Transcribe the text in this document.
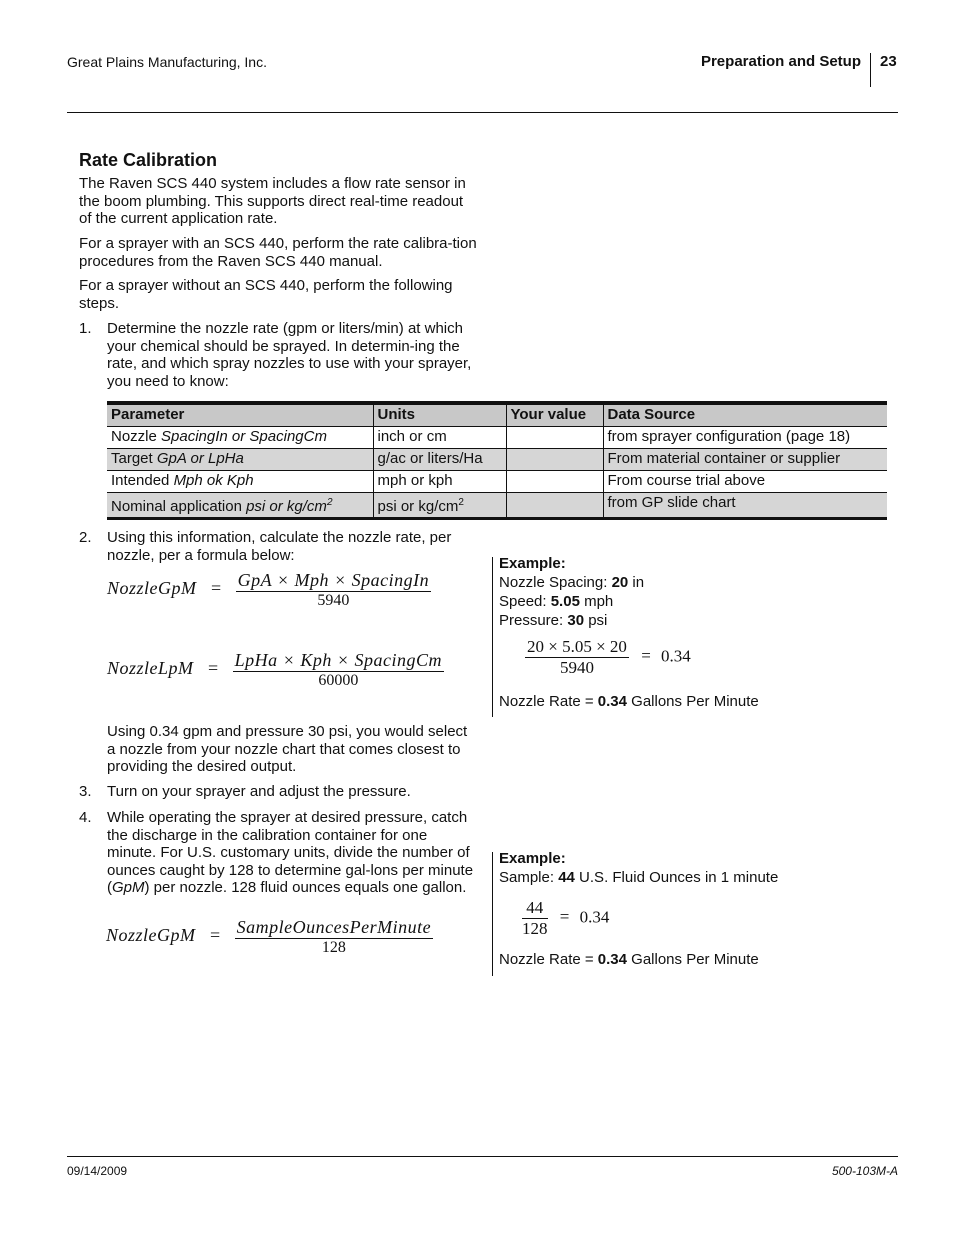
Great Plains Manufacturing, Inc.	Preparation and Setup 23
Rate Calibration
The Raven SCS 440 system includes a flow rate sensor in the boom plumbing. This supports direct real-time readout of the current application rate.
For a sprayer with an SCS 440, perform the rate calibra-tion procedures from the Raven SCS 440 manual.
For a sprayer without an SCS 440, perform the following steps.
1. Determine the nozzle rate (gpm or liters/min) at which your chemical should be sprayed. In determin-ing the rate, and which spray nozzles to use with your sprayer, you need to know:
Parameter	Units	Your value	Data Source
Nozzle SpacingIn or SpacingCm	inch or cm		from sprayer configuration (page 18)
Target GpA or LpHa	g/ac or liters/Ha		From material container or supplier
Intended Mph ok Kph	mph or kph		From course trial above
Nominal application psi or $kg/cm^2$	psi or $kg/cm^2$		from GP slide chart
2. Using this information, calculate the nozzle rate, per nozzle, per a formula below:
NozzleGpM = $\frac{\text{GpA × Mph × SpacingIn}}{5940}$
NozzleLpM = $\frac{\text{LpHa × Kph × SpacingCm}}{60000}$
Using 0.34 gpm and pressure 30 psi, you would select a nozzle from your nozzle chart that comes closest to providing the desired output.
3. Turn on your sprayer and adjust the pressure.
4. While operating the sprayer at desired pressure, catch the discharge in the calibration container for one minute. For U.S. customary units, divide the number of ounces caught by 128 to determine gal-lons per minute (GpM) per nozzle. 128 fluid ounces equals one gallon.
NozzleGpM = $\frac{\text{SampleOuncesPerMinute}}{128}$
Example:
Nozzle Spacing: 20 in
Speed: 5.05 mph
Pressure: 30 psi
$\frac{20 \times 5.05 \times 20}{5940} = 0.34$
Nozzle Rate = 0.34 Gallons Per Minute
Example:
Sample: 44 U.S. Fluid Ounces in 1 minute
$\frac{44}{128} = 0.34$
Nozzle Rate = 0.34 Gallons Per Minute
09/14/2009	500-103M-A
